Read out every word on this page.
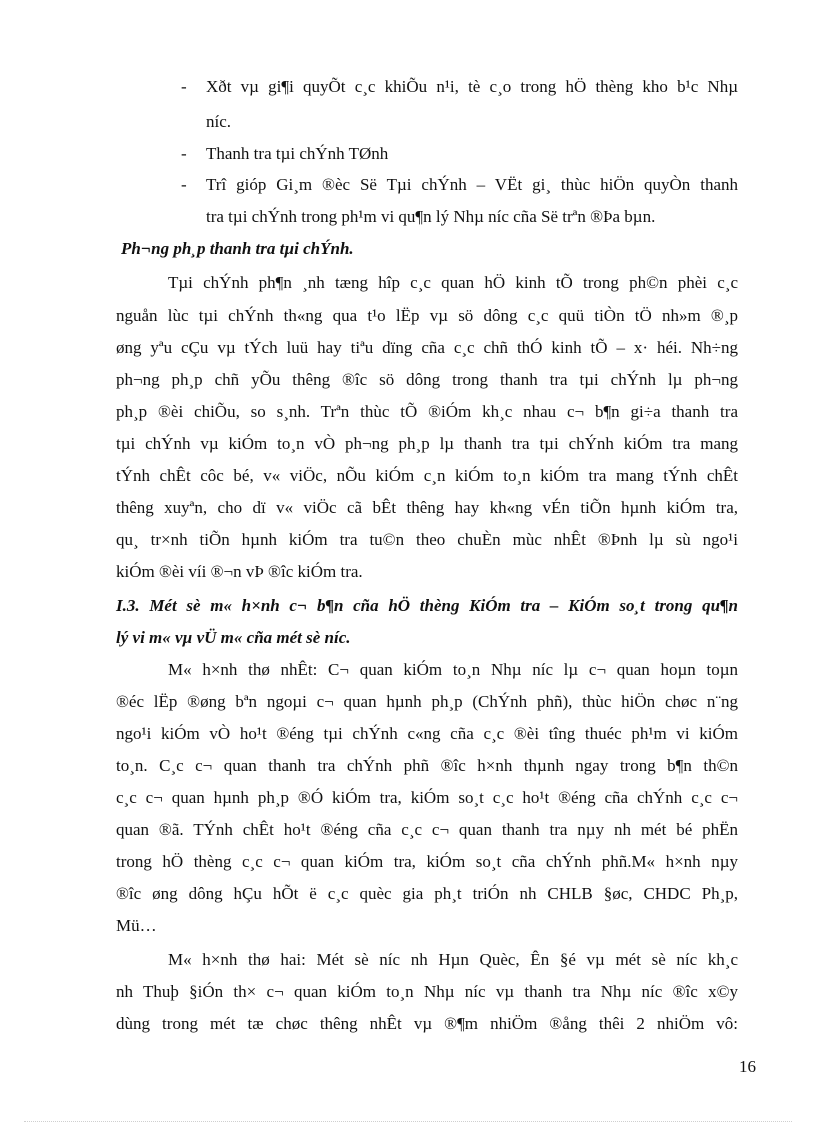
- Xðt vµ gi¶i quyÕt c¸c khiÕu n¹i, tè c¸o trong hÖ thèng kho b¹c Nhµ
níc.
- Thanh tra tµi chÝnh TØnh
- Trî gióp Gi¸m ®èc Së Tµi chÝnh – VËt gi¸ thùc hiÖn quyÒn thanh
tra tµi chÝnh trong ph¹m vi qu¶n lý Nhµ níc cña Së trªn ®Þa bµn.
Ph¬ng ph¸p thanh tra tµi chÝnh.
Tµi chÝnh ph¶n ¸nh tæng hîp c¸c quan hÖ kinh tÕ trong ph©n phèi c¸c
nguån lùc tµi chÝnh th«ng qua t¹o lËp vµ sö dông c¸c quü tiÒn tÖ nh»m ®¸p
øng yªu cÇu vµ tÝch luü hay tiªu dïng cña c¸c chñ thÓ kinh tÕ – x· héi. Nh÷ng
ph¬ng ph¸p chñ yÕu thêng ®îc sö dông trong thanh tra tµi chÝnh lµ ph¬ng
ph¸p ®èi chiÕu, so s¸nh. Trªn thùc tÕ ®iÓm kh¸c nhau c¬ b¶n gi÷a thanh tra
tµi chÝnh vµ kiÓm to¸n vÒ ph¬ng ph¸p lµ thanh tra tµi chÝnh kiÓm tra mang
tÝnh chÊt côc bé, v« viÖc, nÕu kiÓm c¸n kiÓm to¸n kiÓm tra mang tÝnh chÊt
thêng xuyªn, cho dï v« viÖc cã bÊt thêng hay kh«ng vÉn tiÕn hµnh kiÓm tra,
qu¸ tr×nh tiÕn hµnh kiÓm tra tu©n theo chuÈn mùc nhÊt ®Þnh lµ sù ngo¹i
kiÓm ®èi víi ®¬n vÞ ®îc kiÓm tra.
I.3. Mét sè m« h×nh c¬ b¶n cña hÖ thèng KiÓm tra – KiÓm so¸t trong qu¶n
lý vi m« vµ vÜ m« cña mét sè níc.
M« h×nh thø nhÊt: C¬ quan kiÓm to¸n Nhµ níc lµ c¬ quan hoµn toµn
®éc lËp ®øng bªn ngoµi c¬ quan hµnh ph¸p (ChÝnh phñ), thùc hiÖn chøc n¨ng
ngo¹i kiÓm vÒ ho¹t ®éng tµi chÝnh c«ng cña c¸c ®èi tîng thuéc ph¹m vi kiÓm
to¸n. C¸c c¬ quan thanh tra chÝnh phñ ®îc h×nh thµnh ngay trong b¶n th©n
c¸c c¬ quan hµnh ph¸p ®Ó kiÓm tra, kiÓm so¸t c¸c ho¹t ®éng cña chÝnh c¸c c¬
quan ®ã. TÝnh chÊt ho¹t ®éng cña c¸c c¬ quan thanh tra nµy nh mét bé phËn
trong hÖ thèng c¸c c¬ quan kiÓm tra, kiÓm so¸t cña chÝnh phñ.M« h×nh nµy
®îc øng dông hÇu hÕt ë c¸c quèc gia ph¸t triÓn nh CHLB §øc, CHDC Ph¸p,
Mü…
M« h×nh thø hai: Mét sè níc nh Hµn Quèc, Ên §é vµ mét sè níc kh¸c
nh Thuþ §iÓn th× c¬ quan kiÓm to¸n Nhµ níc vµ thanh tra Nhµ níc ®îc x©y
dùng trong mét tæ chøc thêng nhÊt vµ ®¶m nhiÖm ®ång thêi 2 nhiÖm vô:
16
